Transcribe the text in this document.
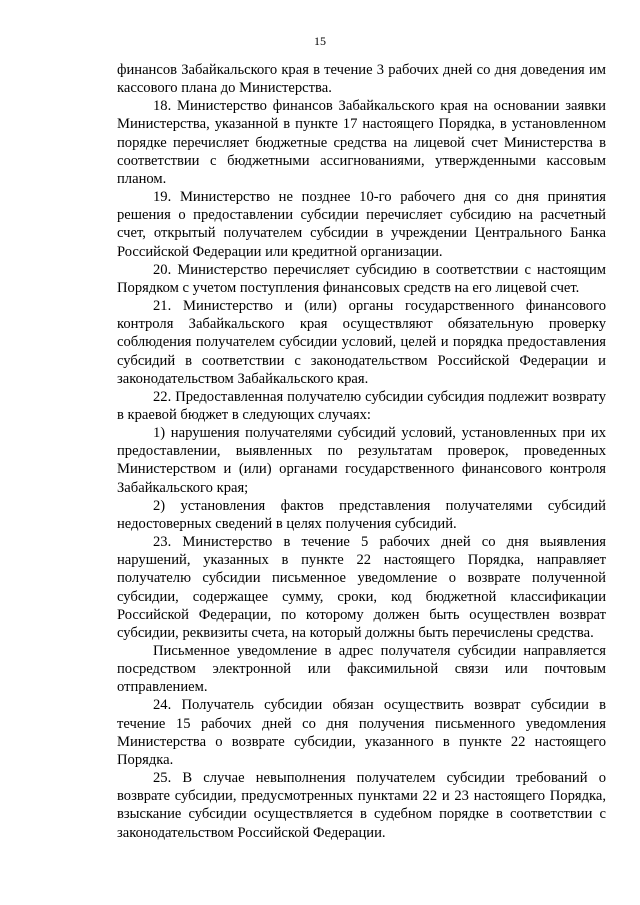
15

финансов Забайкальского края в течение 3 рабочих дней со дня доведения им кассового плана до Министерства.

18. Министерство финансов Забайкальского края на основании заявки Министерства, указанной в пункте 17 настоящего Порядка, в установленном порядке перечисляет бюджетные средства на лицевой счет Министерства в соответствии с бюджетными ассигнованиями, утвержденными кассовым планом.

19. Министерство не позднее 10-го рабочего дня со дня принятия решения о предоставлении субсидии перечисляет субсидию на расчетный счет, открытый получателем субсидии в учреждении Центрального Банка Российской Федерации или кредитной организации.

20. Министерство перечисляет субсидию в соответствии с настоящим Порядком с учетом поступления финансовых средств на его лицевой счет.

21. Министерство и (или) органы государственного финансового контроля Забайкальского края осуществляют обязательную проверку соблюдения получателем субсидии условий, целей и порядка предоставления субсидий в соответствии с законодательством Российской Федерации и законодательством Забайкальского края.

22. Предоставленная получателю субсидии субсидия подлежит возврату в краевой бюджет в следующих случаях:

1) нарушения получателями субсидий условий, установленных при их предоставлении, выявленных по результатам проверок, проведенных Министерством и (или) органами государственного финансового контроля Забайкальского края;

2) установления фактов представления получателями субсидий недостоверных сведений в целях получения субсидий.

23. Министерство в течение 5 рабочих дней со дня выявления нарушений, указанных в пункте 22 настоящего Порядка, направляет получателю субсидии письменное уведомление о возврате полученной субсидии, содержащее сумму, сроки, код бюджетной классификации Российской Федерации, по которому должен быть осуществлен возврат субсидии, реквизиты счета, на который должны быть перечислены средства.

Письменное уведомление в адрес получателя субсидии направляется посредством электронной или факсимильной связи или почтовым отправлением.

24. Получатель субсидии обязан осуществить возврат субсидии в течение 15 рабочих дней со дня получения письменного уведомления Министерства о возврате субсидии, указанного в пункте 22 настоящего Порядка.

25. В случае невыполнения получателем субсидии требований о возврате субсидии, предусмотренных пунктами 22 и 23 настоящего Порядка, взыскание субсидии осуществляется в судебном порядке в соответствии с законодательством Российской Федерации.
